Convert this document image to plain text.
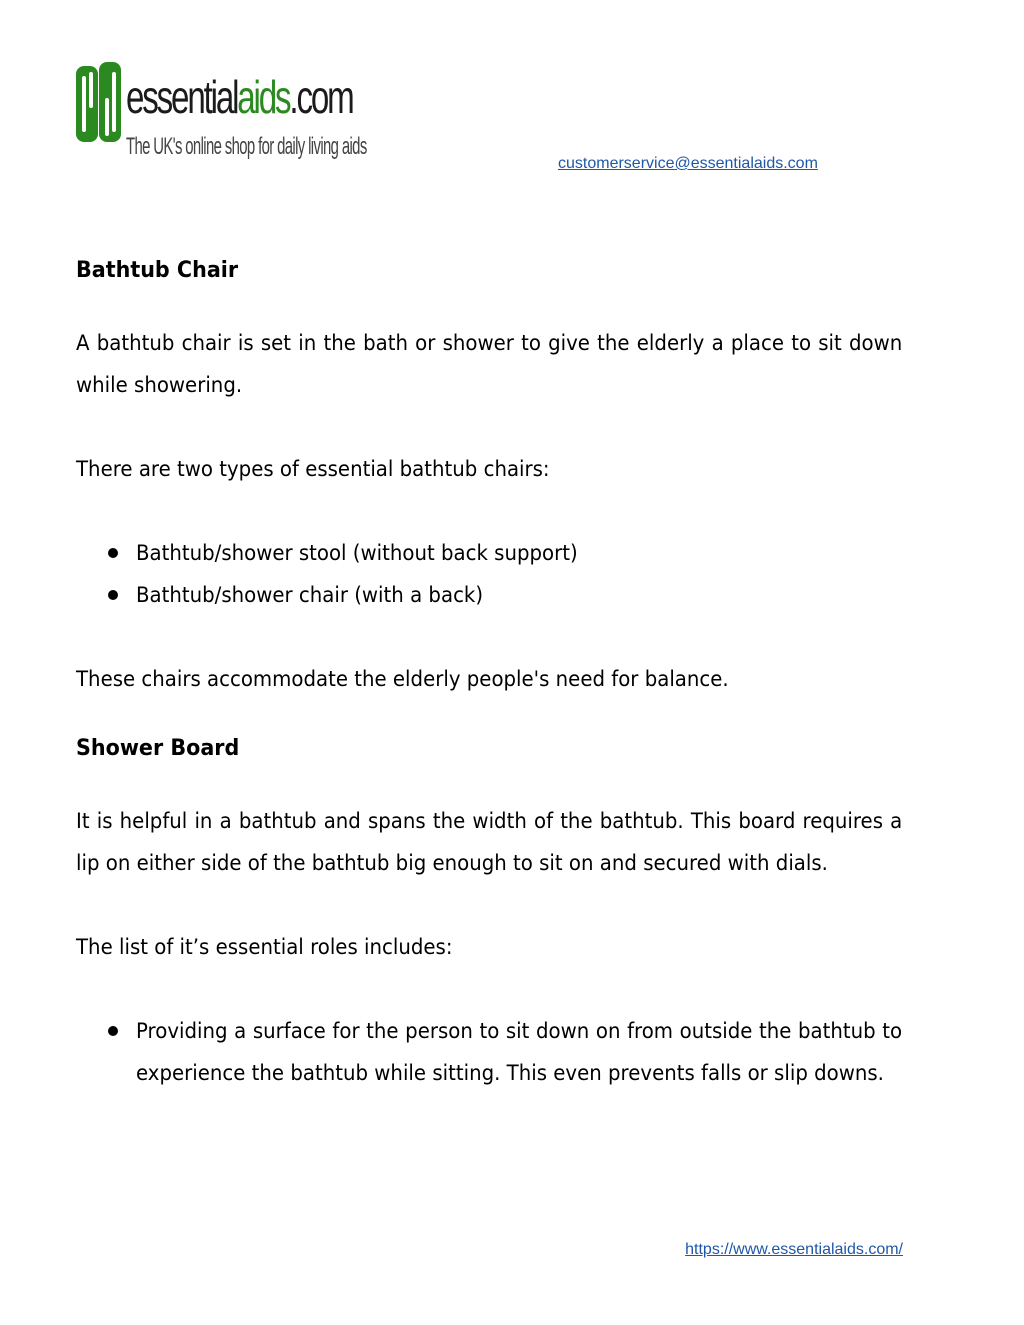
essentialaids.com
The UK's online shop for daily living aids
customerservice@essentialaids.com
Bathtub Chair

A bathtub chair is set in the bath or shower to give the elderly a place to sit down while showering.

There are two types of essential bathtub chairs:

Bathtub/shower stool (without back support)
Bathtub/shower chair (with a back)

These chairs accommodate the elderly people's need for balance.

Shower Board

It is helpful in a bathtub and spans the width of the bathtub. This board requires a lip on either side of the bathtub big enough to sit on and secured with dials.

The list of it’s essential roles includes:

Providing a surface for the person to sit down on from outside the bathtub to experience the bathtub while sitting. This even prevents falls or slip downs.
https://www.essentialaids.com/
